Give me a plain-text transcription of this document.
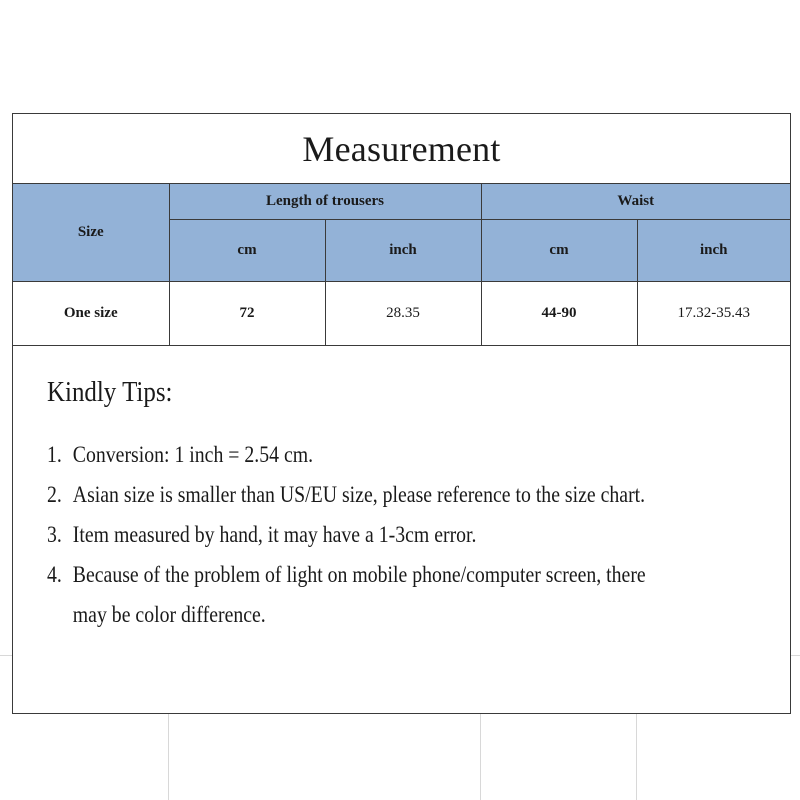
Measurement
Size	Length of trousers		Waist	
	cm	inch	cm	inch
One size	72	28.35	44-90	17.32-35.43
Kindly Tips:
1. Conversion: 1 inch = 2.54 cm.
2. Asian size is smaller than US/EU size, please reference to the size chart.
3. Item measured by hand, it may have a 1-3cm error.
4. Because of the problem of light on mobile phone/computer screen, there may be color difference.
